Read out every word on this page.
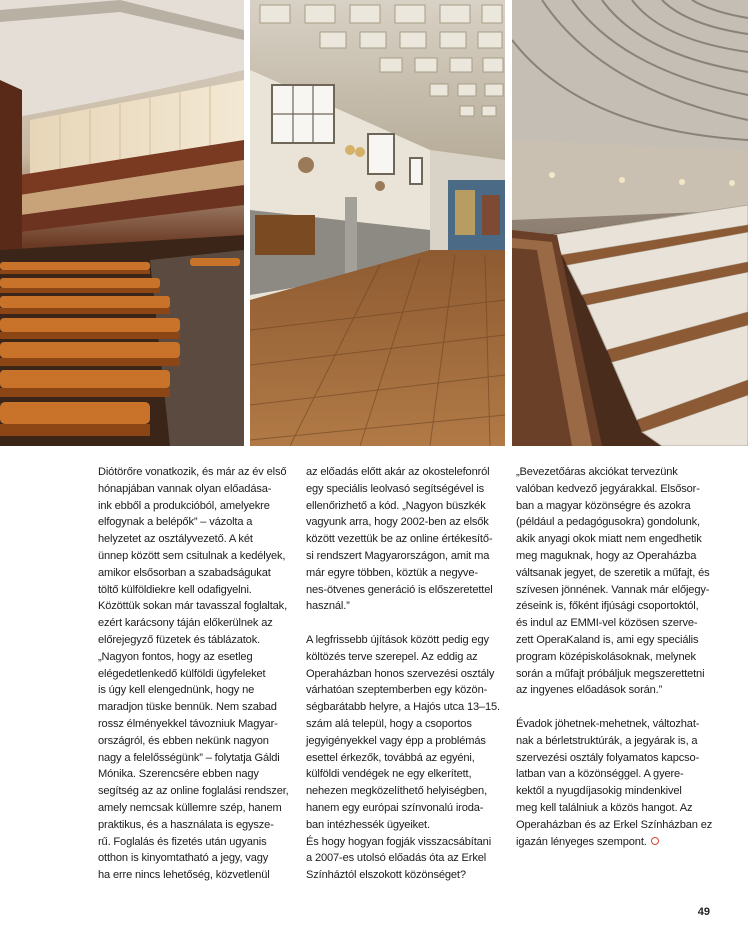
Diótörőre vonatkozik, és már az év első

hónapjában vannak olyan előadása-

ink ebből a produkcióból, amelyekre

elfogynak a belépők” – vázolta a

helyzetet az osztályvezető. A két

ünnep között sem csitulnak a kedélyek,

amikor elsősorban a szabadságukat

töltő külföldiekre kell odafigyelni.

Közöttük sokan már tavasszal foglaltak,

ezért karácsony táján előkerülnek az

előrejegyző füzetek és táblázatok.

„Nagyon fontos, hogy az esetleg

elégedetlenkedő külföldi ügyfeleket

is úgy kell elengednünk, hogy ne

maradjon tüske bennük. Nem szabad

rossz élményekkel távozniuk Magyar-

országról, és ebben nekünk nagyon

nagy a felelősségünk” – folytatja Gáldi

Mónika. Szerencsére ebben nagy

segítség az az online foglalási rendszer,

amely nemcsak küllemre szép, hanem

praktikus, és a használata is egysze-

rű. Foglalás és fizetés után ugyanis

otthon is kinyomtatható a jegy, vagy

ha erre nincs lehetőség, közvetlenül

az előadás előtt akár az okostelefonról

egy speciális leolvasó segítségével is

ellenőrizhető a kód. „Nagyon büszkék

vagyunk arra, hogy 2002-ben az elsők

között vezettük be az online értékesítő-

si rendszert Magyarországon, amit ma

már egyre többen, köztük a negyve-

nes-ötvenes generáció is előszeretettel

használ.”

A legfrissebb újítások között pedig egy

költözés terve szerepel. Az eddig az

Operaházban honos szervezési osztály

várhatóan szeptemberben egy közön-

ségbarátabb helyre, a Hajós utca 13–15.

szám alá települ, hogy a csoportos

jegyigényekkel vagy épp a problémás

esettel érkezők, továbbá az egyéni,

külföldi vendégek ne egy elkerített,

nehezen megközelíthető helyiségben,

hanem egy európai színvonalú iroda-

ban intézhessék ügyeiket.

És hogy hogyan fogják visszacsábítani

a 2007-es utolsó előadás óta az Erkel

Színháztól elszokott közönséget?

„Bevezetőáras akciókat tervezünk

valóban kedvező jegyárakkal. Elsősor-

ban a magyar közönségre és azokra

(például a pedagógusokra) gondolunk,

akik anyagi okok miatt nem engedhetik

meg maguknak, hogy az Operaházba

váltsanak jegyet, de szeretik a műfajt, és

szívesen jönnének. Vannak már előjegy-

zéseink is, főként ifjúsági csoportoktól,

és indul az EMMI-vel közösen szerve-

zett OperaKaland is, ami egy speciális

program középiskolásoknak, melynek

során a műfajt próbáljuk megszerettetni

az ingyenes előadások során.”

Évadok jöhetnek-mehetnek, változhat-

nak a bérletstruktúrák, a jegyárak is, a

szervezési osztály folyamatos kapcso-

latban van a közönséggel. A gyere-

kektől a nyugdíjasokig mindenkivel

meg kell találniuk a közös hangot. Az

Operaházban és az Erkel Színházban ez

igazán lényeges szempont.

49
